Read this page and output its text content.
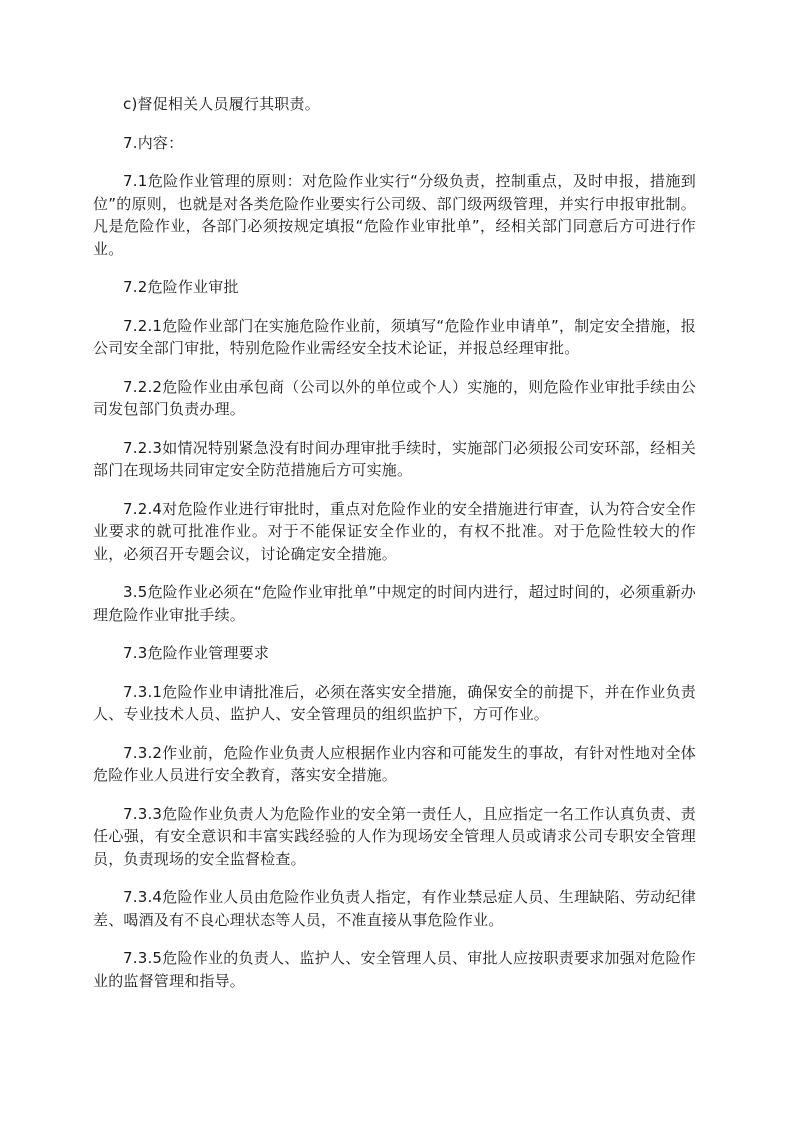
c)督促相关人员履行其职责。

7.内容：

7.1危险作业管理的原则：对危险作业实行“分级负责，控制重点，及时申报，措施到位”的原则，也就是对各类危险作业要实行公司级、部门级两级管理，并实行申报审批制。凡是危险作业，各部门必须按规定填报“危险作业审批单”，经相关部门同意后方可进行作业。

7.2危险作业审批

7.2.1危险作业部门在实施危险作业前，须填写“危险作业申请单”，制定安全措施，报公司安全部门审批，特别危险作业需经安全技术论证，并报总经理审批。

7.2.2危险作业由承包商（公司以外的单位或个人）实施的，则危险作业审批手续由公司发包部门负责办理。

7.2.3如情况特别紧急没有时间办理审批手续时，实施部门必须报公司安环部，经相关部门在现场共同审定安全防范措施后方可实施。

7.2.4对危险作业进行审批时，重点对危险作业的安全措施进行审查，认为符合安全作业要求的就可批准作业。对于不能保证安全作业的，有权不批准。对于危险性较大的作业，必须召开专题会议，讨论确定安全措施。

3.5危险作业必须在“危险作业审批单”中规定的时间内进行，超过时间的，必须重新办理危险作业审批手续。

7.3危险作业管理要求

7.3.1危险作业申请批准后，必须在落实安全措施，确保安全的前提下，并在作业负责人、专业技术人员、监护人、安全管理员的组织监护下，方可作业。

7.3.2作业前，危险作业负责人应根据作业内容和可能发生的事故，有针对性地对全体危险作业人员进行安全教育，落实安全措施。

7.3.3危险作业负责人为危险作业的安全第一责任人，且应指定一名工作认真负责、责任心强，有安全意识和丰富实践经验的人作为现场安全管理人员或请求公司专职安全管理员，负责现场的安全监督检查。

7.3.4危险作业人员由危险作业负责人指定，有作业禁忌症人员、生理缺陷、劳动纪律差、喝酒及有不良心理状态等人员，不准直接从事危险作业。

7.3.5危险作业的负责人、监护人、安全管理人员、审批人应按职责要求加强对危险作业的监督管理和指导。
